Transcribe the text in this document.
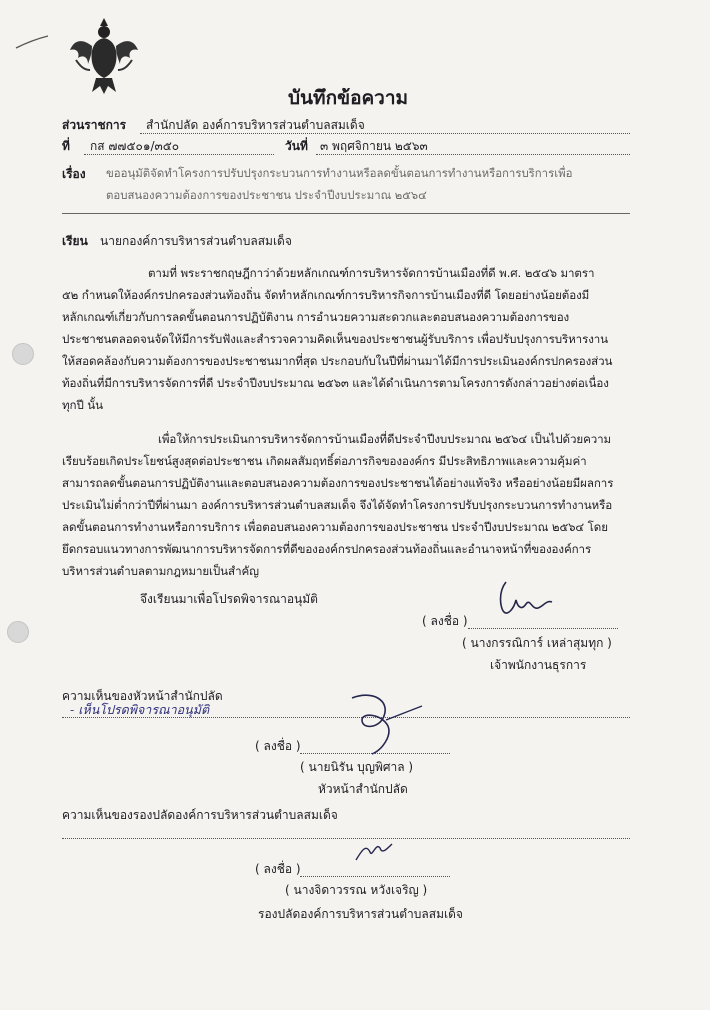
บันทึกข้อความ
ส่วนราชการ สำนักปลัด องค์การบริหารส่วนตำบลสมเด็จ
ที่ กส ๗๗๕๐๑/๓๕๐	วันที่ ๓ พฤศจิกายน ๒๕๖๓
เรื่อง ขออนุมัติจัดทำโครงการปรับปรุงกระบวนการทำงานหรือลดขั้นตอนการทำงานหรือการบริการเพื่อ
ตอบสนองความต้องการของประชาชน ประจำปีงบประมาณ ๒๕๖๔
เรียน นายกองค์การบริหารส่วนตำบลสมเด็จ
ตามที่ พระราชกฤษฎีกาว่าด้วยหลักเกณฑ์การบริหารจัดการบ้านเมืองที่ดี พ.ศ. ๒๕๔๖ มาตรา
๕๒ กำหนดให้องค์กรปกครองส่วนท้องถิ่น จัดทำหลักเกณฑ์การบริหารกิจการบ้านเมืองที่ดี โดยอย่างน้อยต้องมี
หลักเกณฑ์เกี่ยวกับการลดขั้นตอนการปฏิบัติงาน การอำนวยความสะดวกและตอบสนองความต้องการของ
ประชาชนตลอดจนจัดให้มีการรับฟังและสำรวจความคิดเห็นของประชาชนผู้รับบริการ เพื่อปรับปรุงการบริหารงาน
ให้สอดคล้องกับความต้องการของประชาชนมากที่สุด ประกอบกับในปีที่ผ่านมาได้มีการประเมินองค์กรปกครองส่วน
ท้องถิ่นที่มีการบริหารจัดการที่ดี ประจำปีงบประมาณ ๒๕๖๓ และได้ดำเนินการตามโครงการดังกล่าวอย่างต่อเนื่อง
ทุกปี นั้น
เพื่อให้การประเมินการบริหารจัดการบ้านเมืองที่ดีประจำปีงบประมาณ ๒๕๖๔ เป็นไปด้วยความ
เรียบร้อยเกิดประโยชน์สูงสุดต่อประชาชน เกิดผลสัมฤทธิ์ต่อภารกิจขององค์กร มีประสิทธิภาพและความคุ้มค่า
สามารถลดขั้นตอนการปฏิบัติงานและตอบสนองความต้องการของประชาชนได้อย่างแท้จริง หรืออย่างน้อยมีผลการ
ประเมินไม่ต่ำกว่าปีที่ผ่านมา องค์การบริหารส่วนตำบลสมเด็จ จึงได้จัดทำโครงการปรับปรุงกระบวนการทำงานหรือ
ลดขั้นตอนการทำงานหรือการบริการ เพื่อตอบสนองความต้องการของประชาชน ประจำปีงบประมาณ ๒๕๖๔ โดย
ยึดกรอบแนวทางการพัฒนาการบริหารจัดการที่ดีขององค์กรปกครองส่วนท้องถิ่นและอำนาจหน้าที่ขององค์การ
บริหารส่วนตำบลตามกฎหมายเป็นสำคัญ
จึงเรียนมาเพื่อโปรดพิจารณาอนุมัติ
( ลงชื่อ )
( นางกรรณิการ์ เหล่าสุมทุก )
เจ้าพนักงานธุรการ
ความเห็นของหัวหน้าสำนักปลัด
- เห็นโปรดพิจารณาอนุมัติ
( ลงชื่อ )
( นายนิรัน บุญพิศาล )
หัวหน้าสำนักปลัด
ความเห็นของรองปลัดองค์การบริหารส่วนตำบลสมเด็จ
( ลงชื่อ )
( นางจิดาวรรณ หวังเจริญ )
รองปลัดองค์การบริหารส่วนตำบลสมเด็จ
